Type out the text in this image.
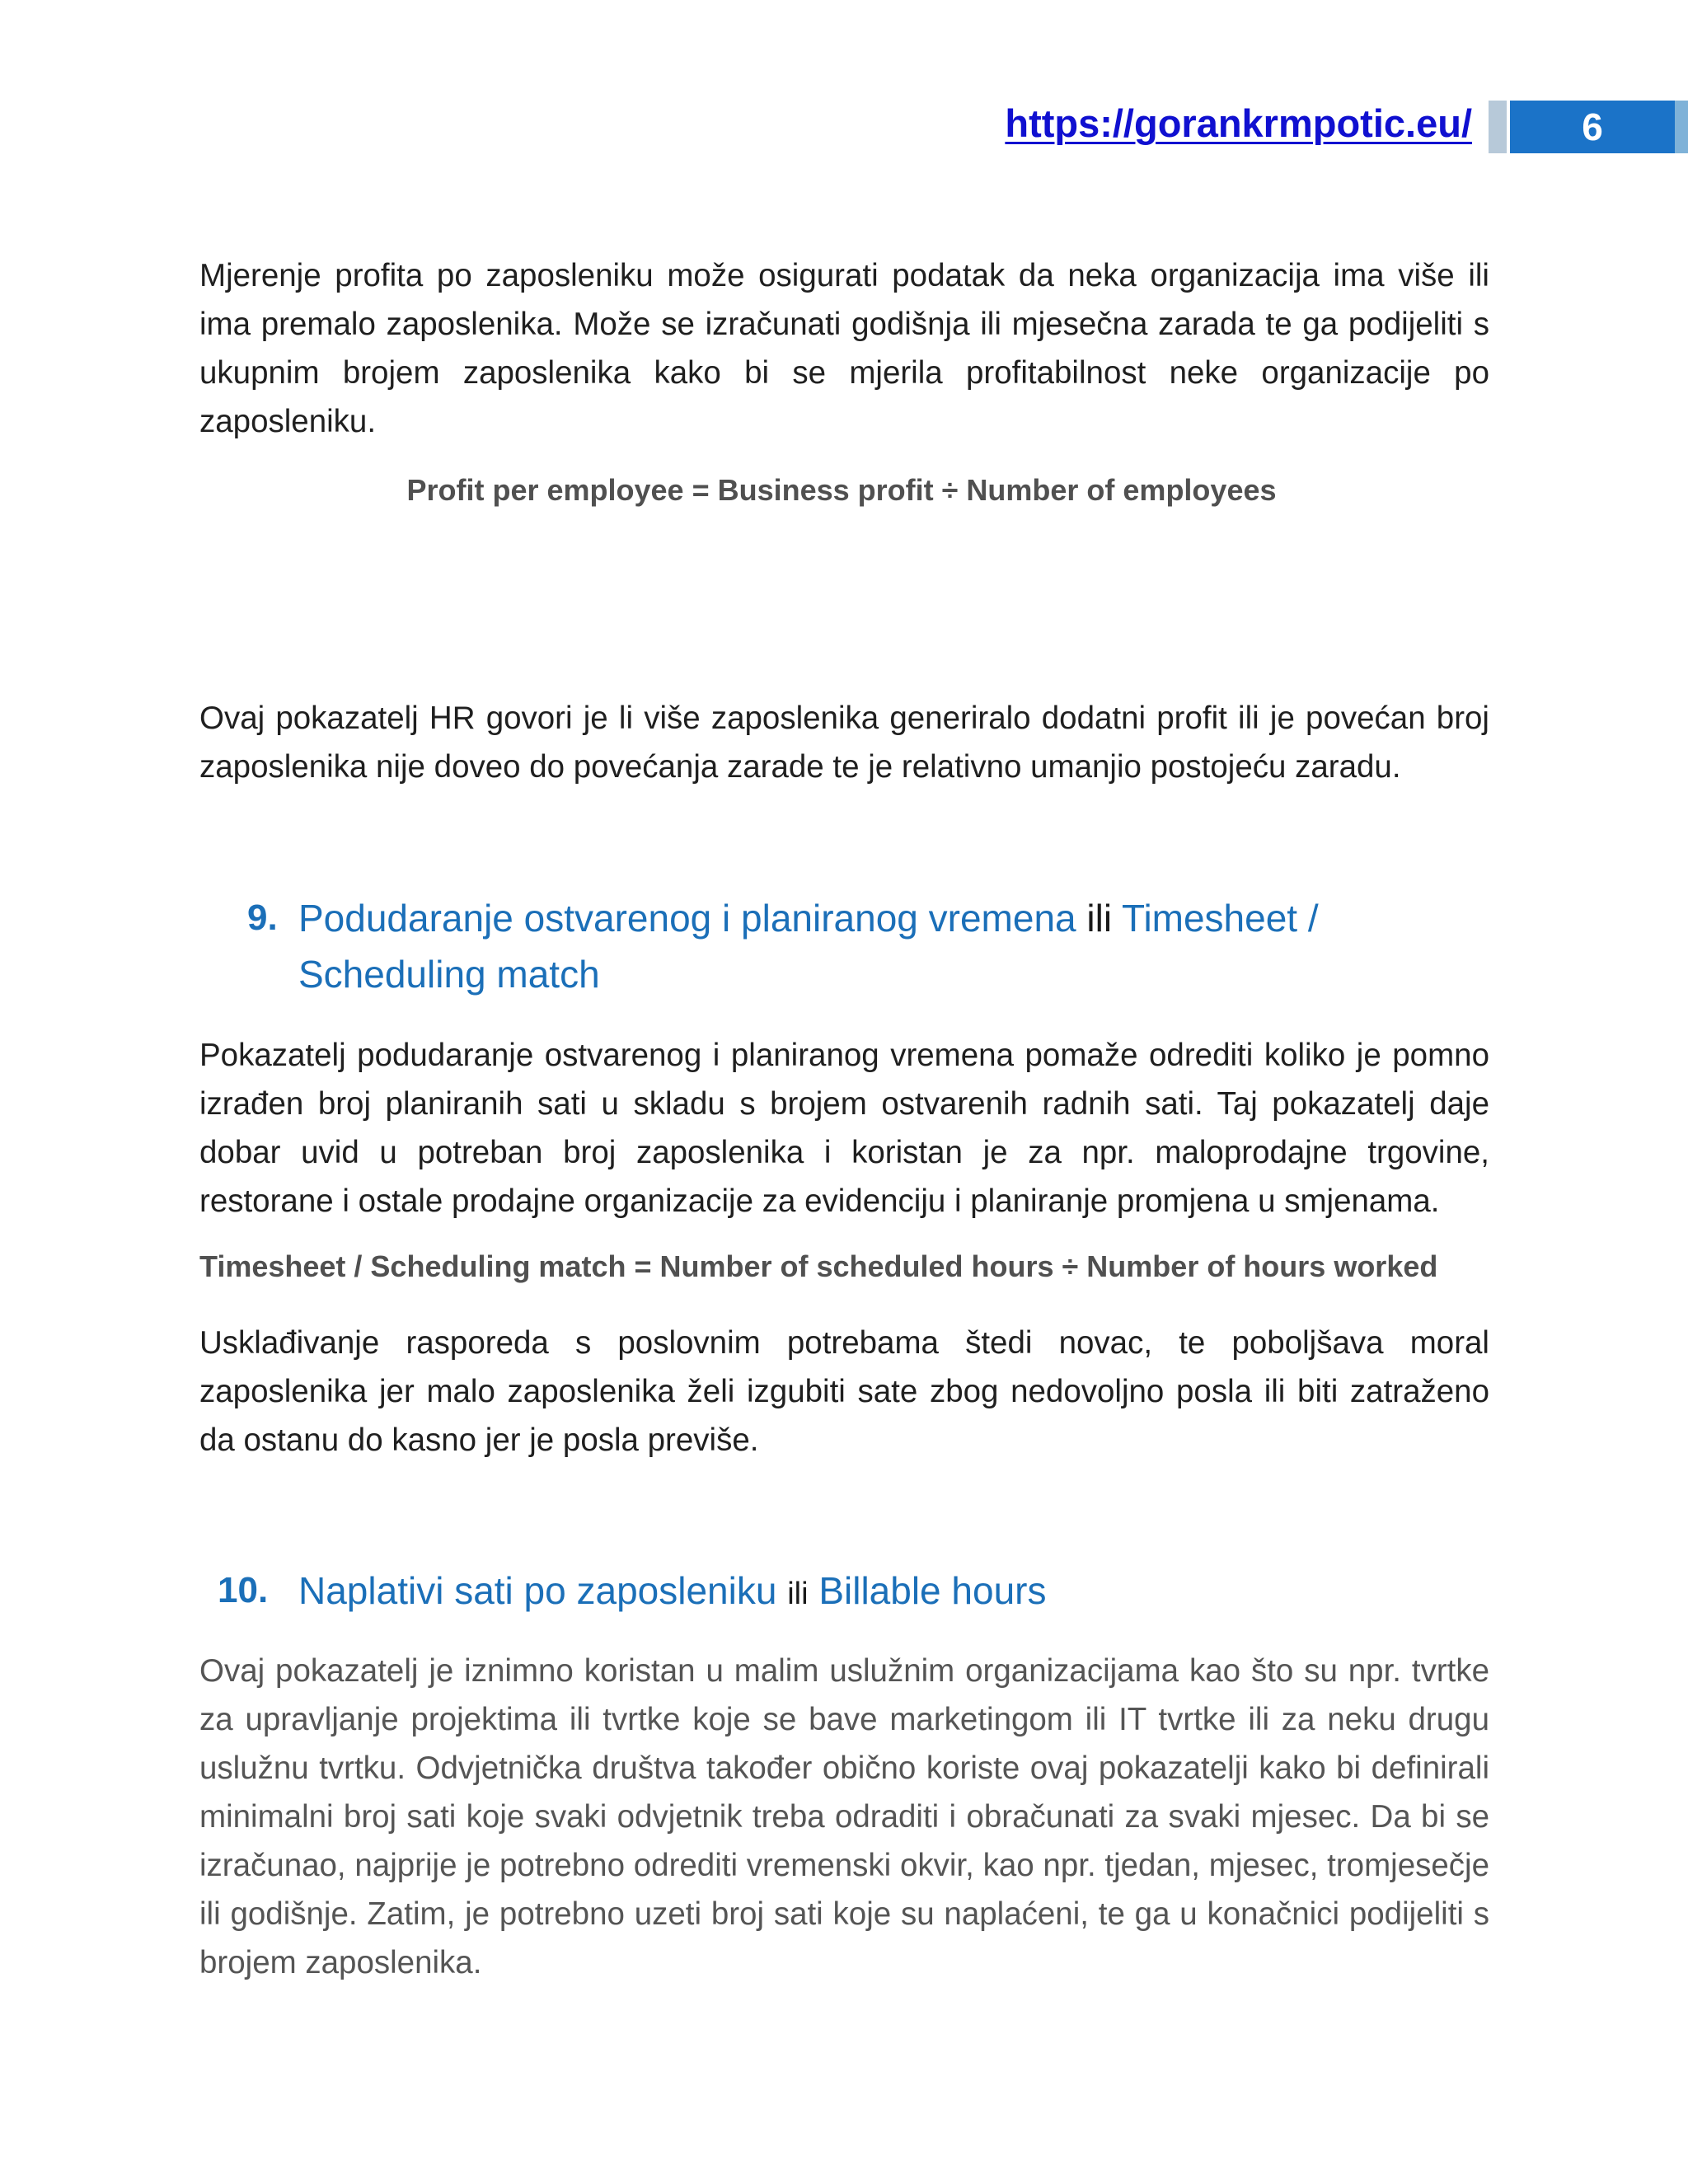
https://gorankrmpotic.eu/	6

Mjerenje profita po zaposleniku može osigurati podatak da neka organizacija ima više ili ima premalo zaposlenika. Može se izračunati godišnja ili mjesečna zarada te ga podijeliti s ukupnim brojem zaposlenika kako bi se mjerila profitabilnost neke organizacije po zaposleniku.

Profit per employee = Business profit ÷ Number of employees

Ovaj pokazatelj HR govori je li više zaposlenika generiralo dodatni profit ili je povećan broj zaposlenika nije doveo do povećanja zarade te je relativno umanjio postojeću zaradu.

9. Podudaranje ostvarenog i planiranog vremena ili Timesheet /
Scheduling match

Pokazatelj podudaranje ostvarenog i planiranog vremena pomaže odrediti koliko je pomno izrađen broj planiranih sati u skladu s brojem ostvarenih radnih sati. Taj pokazatelj daje dobar uvid u potreban broj zaposlenika i koristan je za npr. maloprodajne trgovine, restorane i ostale prodajne organizacije za evidenciju i planiranje promjena u smjenama.

Timesheet / Scheduling match = Number of scheduled hours ÷ Number of hours worked

Usklađivanje rasporeda s poslovnim potrebama štedi novac, te poboljšava moral zaposlenika jer malo zaposlenika želi izgubiti sate zbog nedovoljno posla ili biti zatraženo da ostanu do kasno jer je posla previše.

10. Naplativi sati po zaposleniku ili Billable hours

Ovaj pokazatelj je iznimno koristan u malim uslužnim organizacijama kao što su npr. tvrtke za upravljanje projektima ili tvrtke koje se bave marketingom ili IT tvrtke ili za neku drugu uslužnu tvrtku. Odvjetnička društva također obično koriste ovaj pokazatelji kako bi definirali minimalni broj sati koje svaki odvjetnik treba odraditi i obračunati za svaki mjesec. Da bi se izračunao, najprije je potrebno odrediti vremenski okvir, kao npr. tjedan, mjesec, tromjesečje ili godišnje. Zatim, je potrebno uzeti broj sati koje su naplaćeni, te ga u konačnici podijeliti s brojem zaposlenika.
